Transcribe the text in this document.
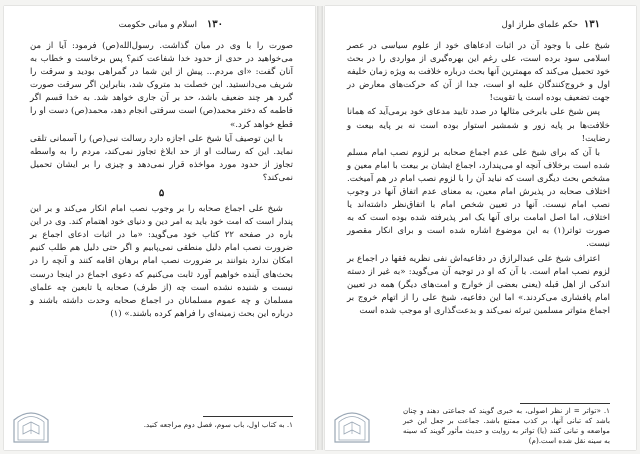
۱۳۰
اسلام و مبانی حکومت

صورت را با وی در میان گذاشت. رسول‌الله(ص) فرمود: آیا از من می‌خواهید در حدی از حدود خدا شفاعت کنم؟ پس برخاست و خطاب به آنان گفت: «ای مردم... پیش از این شما در گمراهی بودید و سرقت را شریف می‌دانستید. این خصلت بد متروک شد، بنابراین اگر سرقت صورت گیرد هر چند ضعیف باشد، حد بر آن جاری خواهد شد. به خدا قسم اگر فاطمه که دختر محمد(ص) است سرقتی انجام دهد، محمد(ص) دست او را قطع خواهد کرد.»

با این توصیف آیا شیخ علی اجازه دارد رسالت نبی(ص) را آسمانی تلقی نماید. این که رسالت او از حد ابلاغ تجاوز نمی‌کند، مردم را به واسطه تجاوز از حدود مورد مواخذه قرار نمی‌دهد و چیزی را بر ایشان تحمیل نمی‌کند؟

۵

شیخ علی اجماع صحابه را بر وجوب نصب امام انکار می‌کند و بر این پندار است که امت خود باید به امر دین و دنیای خود اهتمام کند. وی در این باره در صفحه ۲۲ کتاب خود می‌گوید: «ما در اثبات ادعای اجماع بر ضرورت نصب امام دلیل منطقی نمی‌پابیم و اگر حتی دلیل هم طلب کنیم امکان ندارد بتوانند بر ضرورت نصب امام برهان اقامه کنند و آنچه را در بحث‌های آینده خواهیم آورد ثابت می‌کنیم که دعوی اجماع در اینجا درست نیست و شنیده نشده است چه (از طرف) صحابه یا تابعین چه علمای مسلمان و چه عموم مسلمانان در اجماع صحابه وحدت داشته باشند و درباره این بحث زمینه‌ای را فراهم کرده باشند.» (۱)

۱. به کتاب اول، باب سوم، فصل دوم مراجعه کنید.
۱۳۱
حکم علمای طراز اول

شیخ علی با وجود آن در اثبات ادعاهای خود از علوم سیاسی در عصر اسلامی سود برده است، علی رغم این بهره‌گیری از مواردی را در بحث خود تحمیل می‌کند که مهمترین آنها بحث درباره خلافت به ویژه زمان خلیفه اول و خروج‌کنندگان علیه او است، جدا از آن که حرکت‌های معارض در جهت تضعیف بوده است یا تقویت!

پس شیخ علی بابرخی مثالها در صدد تایید مدعای خود برمی‌آید که همانا خلافت‌ها بر پایه زور و شمشیر استوار بوده است نه بر پایه بیعت و رضایت!

با آن که برای شیخ علی عدم اجماع صحابه بر لزوم نصب امام مسلم شده است برخلاف آنچه او می‌پندارد، اجماع ایشان بر بیعت با امام معین و مشخص بحث دیگری است که نباید آن را با لزوم نصب امام در هم آمیخت. اختلاف صحابه در پذیرش امام معین، به معنای عدم اتفاق آنها در وجوب نصب امام نیست. آنها در تعیین شخص امام با اتفاق‌نظر داشته‌اند یا اختلاف، اما اصل امامت برای آنها یک امر پذیرفته شده بوده است که به صورت تواتر(۱) به این موضوع اشاره شده است و برای انکار مقصور نیست.

اعتراف شیخ علی عبدالرازق در دفاعیه‌اش نفی نظریه فقها در اجماع بر لزوم نصب امام است. با آن که او در توجیه آن می‌گوید: «به غیر از دسته اندکی از اهل قبله (یعنی بعضی از خوارج و امت‌های دیگر) همه در تعیین امام پافشاری می‌کردند.» اما این دفاعیه، شیخ علی را از اتهام خروج بر اجماع متواتر مسلمین تبرئه نمی‌کند و بدعت‌گذاری او موجب شده است

۱. «تواتر = از نظر اصولی، به خبری گویند که جماعتی دهند و چنان باشد که تبانی آنها، بر کذب ممتنع باشد. جماعت بر جعل این خبر مواضعه و تبانی کنند (یا) تواتر به روایت و حدیث مأثور گویند که سینه به سینه نقل شده است.(م)
